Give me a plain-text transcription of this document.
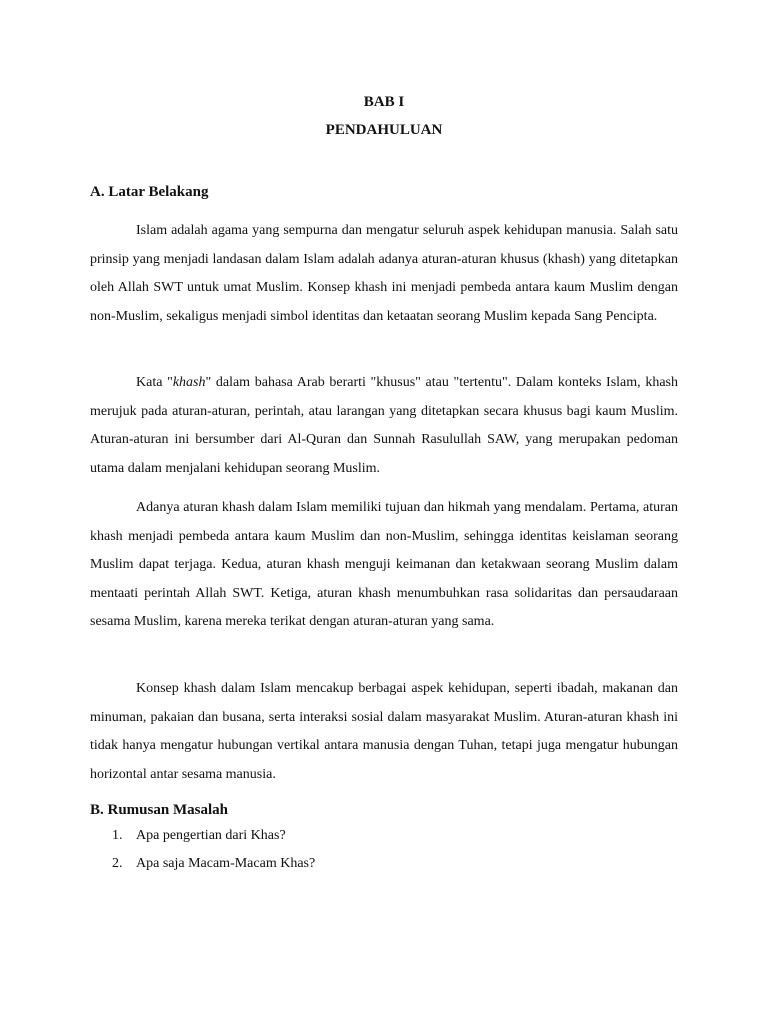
BAB I
PENDAHULUAN
A. Latar Belakang

Islam adalah agama yang sempurna dan mengatur seluruh aspek kehidupan manusia. Salah satu prinsip yang menjadi landasan dalam Islam adalah adanya aturan-aturan khusus (khash) yang ditetapkan oleh Allah SWT untuk umat Muslim. Konsep khash ini menjadi pembeda antara kaum Muslim dengan non-Muslim, sekaligus menjadi simbol identitas dan ketaatan seorang Muslim kepada Sang Pencipta.

Kata "khash" dalam bahasa Arab berarti "khusus" atau "tertentu". Dalam konteks Islam, khash merujuk pada aturan-aturan, perintah, atau larangan yang ditetapkan secara khusus bagi kaum Muslim. Aturan-aturan ini bersumber dari Al-Quran dan Sunnah Rasulullah SAW, yang merupakan pedoman utama dalam menjalani kehidupan seorang Muslim.

Adanya aturan khash dalam Islam memiliki tujuan dan hikmah yang mendalam. Pertama, aturan khash menjadi pembeda antara kaum Muslim dan non-Muslim, sehingga identitas keislaman seorang Muslim dapat terjaga. Kedua, aturan khash menguji keimanan dan ketakwaan seorang Muslim dalam mentaati perintah Allah SWT. Ketiga, aturan khash menumbuhkan rasa solidaritas dan persaudaraan sesama Muslim, karena mereka terikat dengan aturan-aturan yang sama.

Konsep khash dalam Islam mencakup berbagai aspek kehidupan, seperti ibadah, makanan dan minuman, pakaian dan busana, serta interaksi sosial dalam masyarakat Muslim. Aturan-aturan khash ini tidak hanya mengatur hubungan vertikal antara manusia dengan Tuhan, tetapi juga mengatur hubungan horizontal antar sesama manusia.

B. Rumusan Masalah
1. Apa pengertian dari Khas?
2. Apa saja Macam-Macam Khas?
